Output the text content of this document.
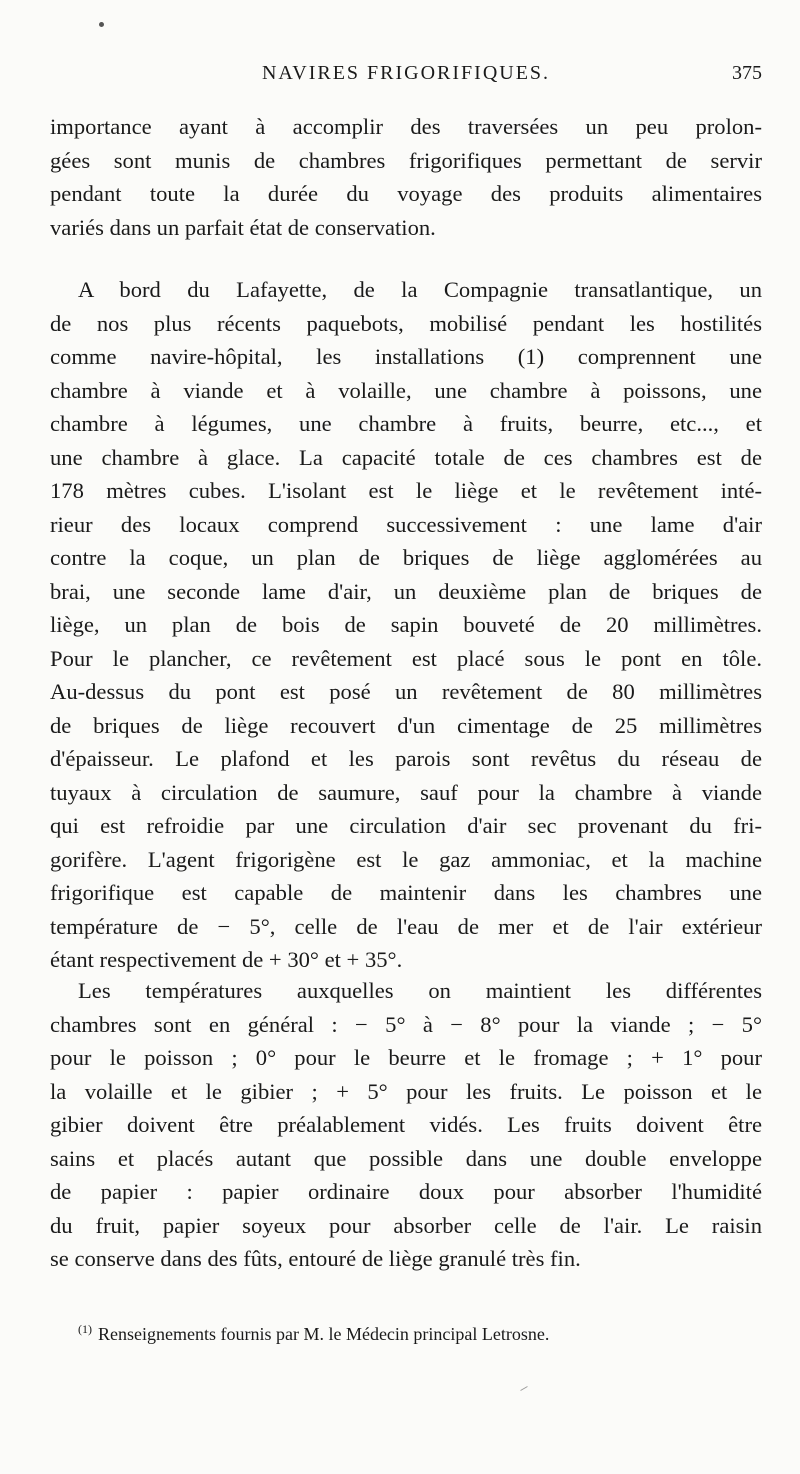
NAVIRES FRIGORIFIQUES.	375
importance ayant à accomplir des traversées un peu prolon-
gées sont munis de chambres frigorifiques permettant de servir
pendant toute la durée du voyage des produits alimentaires
variés dans un parfait état de conservation.
A bord du Lafayette, de la Compagnie transatlantique, un
de nos plus récents paquebots, mobilisé pendant les hostilités
comme navire-hôpital, les installations (1) comprennent une
chambre à viande et à volaille, une chambre à poissons, une
chambre à légumes, une chambre à fruits, beurre, etc..., et
une chambre à glace. La capacité totale de ces chambres est de
178 mètres cubes. L'isolant est le liège et le revêtement inté-
rieur des locaux comprend successivement : une lame d'air
contre la coque, un plan de briques de liège agglomérées au
brai, une seconde lame d'air, un deuxième plan de briques de
liège, un plan de bois de sapin bouveté de 20 millimètres.
Pour le plancher, ce revêtement est placé sous le pont en tôle.
Au-dessus du pont est posé un revêtement de 80 millimètres
de briques de liège recouvert d'un cimentage de 25 millimètres
d'épaisseur. Le plafond et les parois sont revêtus du réseau de
tuyaux à circulation de saumure, sauf pour la chambre à viande
qui est refroidie par une circulation d'air sec provenant du fri-
gorifère. L'agent frigorigène est le gaz ammoniac, et la machine
frigorifique est capable de maintenir dans les chambres une
température de − 5°, celle de l'eau de mer et de l'air extérieur
étant respectivement de + 30° et + 35°.
Les températures auxquelles on maintient les différentes
chambres sont en général : − 5° à − 8° pour la viande ; − 5°
pour le poisson ; 0° pour le beurre et le fromage ; + 1° pour
la volaille et le gibier ; + 5° pour les fruits. Le poisson et le
gibier doivent être préalablement vidés. Les fruits doivent être
sains et placés autant que possible dans une double enveloppe
de papier : papier ordinaire doux pour absorber l'humidité
du fruit, papier soyeux pour absorber celle de l'air. Le raisin
se conserve dans des fûts, entouré de liège granulé très fin.
$^{(1)}$ Renseignements fournis par M. le Médecin principal Letrosne.
